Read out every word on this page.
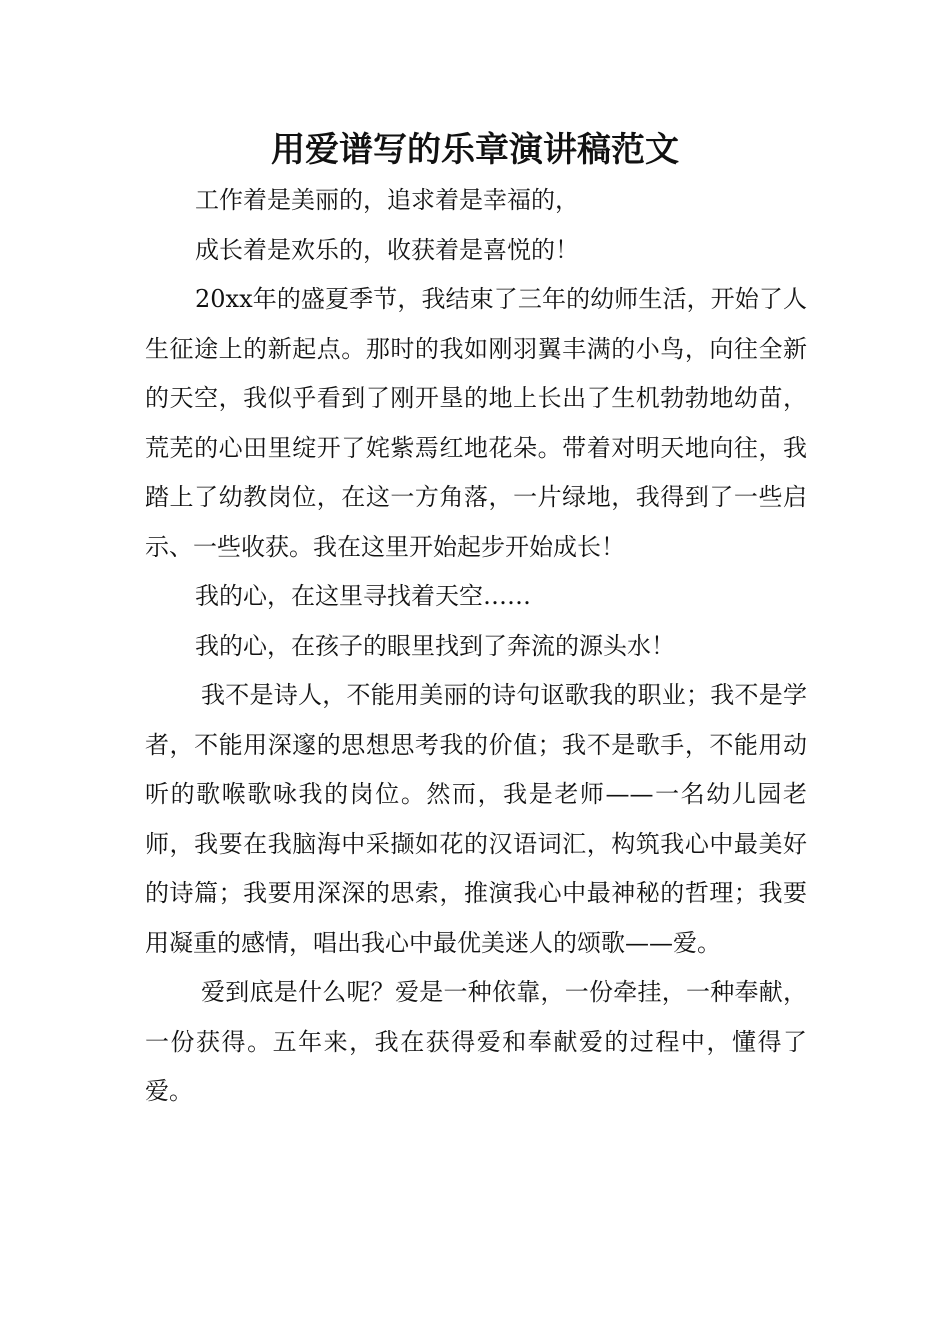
用爱谱写的乐章演讲稿范文

工作着是美丽的，追求着是幸福的，

成长着是欢乐的，收获着是喜悦的！

20xx年的盛夏季节，我结束了三年的幼师生活，开始了人生征途上的新起点。那时的我如刚羽翼丰满的小鸟，向往全新的天空，我似乎看到了刚开垦的地上长出了生机勃勃地幼苗，荒芜的心田里绽开了姹紫焉红地花朵。带着对明天地向往，我踏上了幼教岗位，在这一方角落，一片绿地，我得到了一些启示、一些收获。我在这里开始起步开始成长！

我的心，在这里寻找着天空……

我的心，在孩子的眼里找到了奔流的源头水！

我不是诗人，不能用美丽的诗句讴歌我的职业；我不是学者，不能用深邃的思想思考我的价值；我不是歌手，不能用动听的歌喉歌咏我的岗位。然而，我是老师——一名幼儿园老师，我要在我脑海中采撷如花的汉语词汇，构筑我心中最美好的诗篇；我要用深深的思索，推演我心中最神秘的哲理；我要用凝重的感情，唱出我心中最优美迷人的颂歌——爱。

爱到底是什么呢？爱是一种依靠，一份牵挂，一种奉献，一份获得。五年来，我在获得爱和奉献爱的过程中，懂得了爱。
